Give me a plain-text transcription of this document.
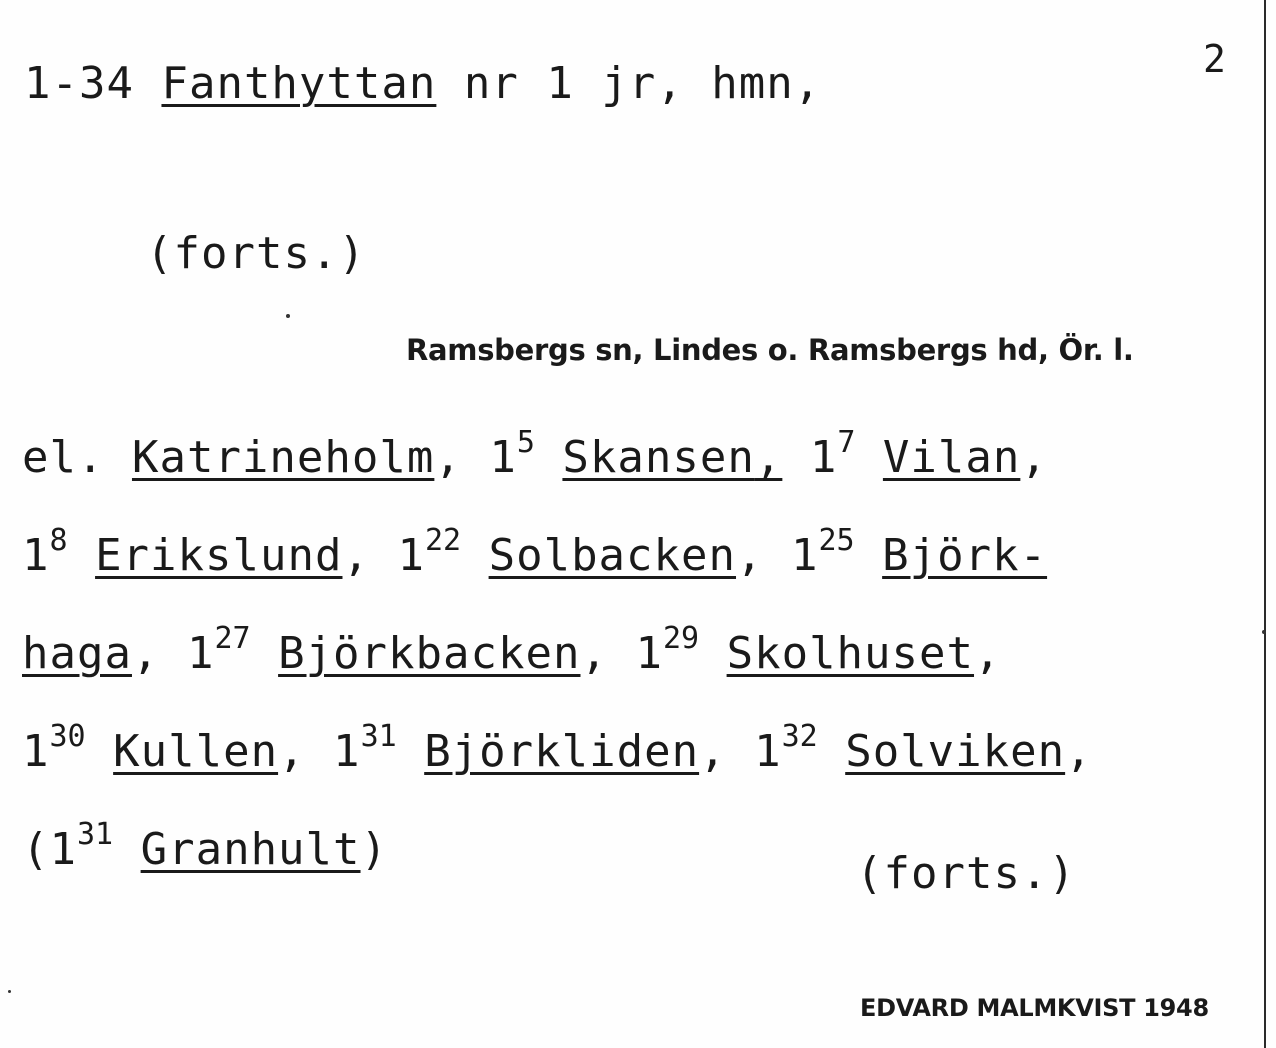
2
1-34 Fanthyttan nr 1 jr, hmn,
(forts.)
Ramsbergs sn, Lindes o. Ramsbergs hd, Ör. l.
el. Katrineholm, $1^5$ Skansen, $1^7$ Vilan,
$1^8$ Erikslund, $1^{22}$ Solbacken, $1^{25}$ Björk-
haga, $1^{27}$ Björkbacken, $1^{29}$ Skolhuset,
$1^{30}$ Kullen, $1^{31}$ Björkliden, $1^{32}$ Solviken,
($1^{31}$ Granhult)	(forts.)
EDVARD MALMKVIST 1948
